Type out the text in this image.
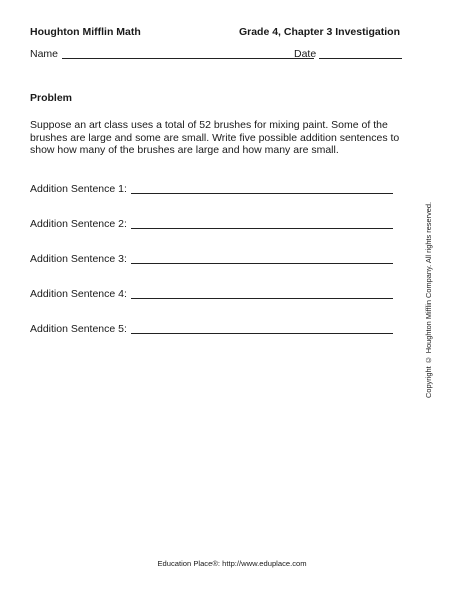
Houghton Mifflin Math	Grade 4, Chapter 3 Investigation
Name	Date
Problem

Suppose an art class uses a total of 52 brushes for mixing paint. Some of the brushes are large and some are small. Write five possible addition sentences to show how many of the brushes are large and how many are small.

Addition Sentence 1:
Addition Sentence 2:
Addition Sentence 3:
Addition Sentence 4:
Addition Sentence 5:	Copyright © Houghton Mifflin Company. All rights reserved.
Education Place®: http://www.eduplace.com
